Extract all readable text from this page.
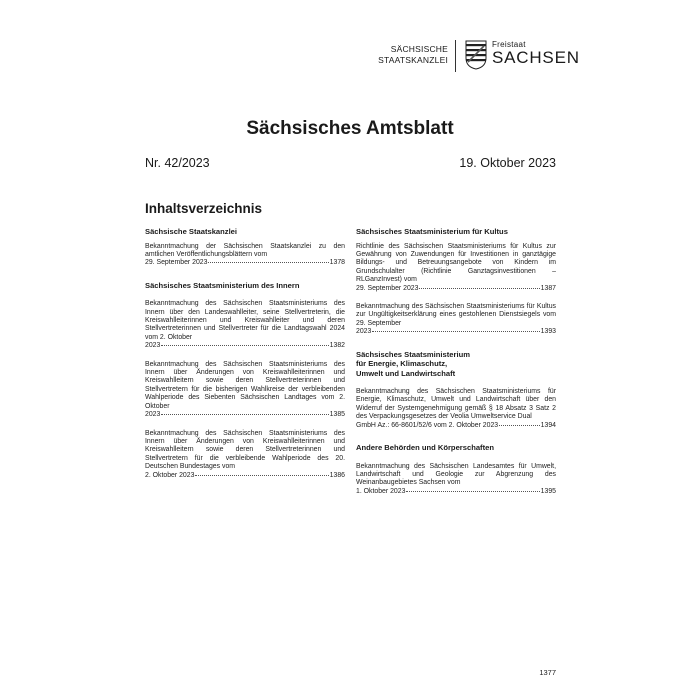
SÄCHSISCHE
STAATSKANZLEI
Freistaat
SACHSEN
Sächsisches Amtsblatt
Nr. 42/2023	19. Oktober 2023
Inhaltsverzeichnis
Sächsische Staatskanzlei
Bekanntmachung der Sächsischen Staatskanzlei zu den amtlichen Veröffentlichungsblättern vom
29. September 2023	1378
Sächsisches Staatsministerium des Innern
Bekanntmachung des Sächsischen Staatsministeriums des Innern über den Landeswahlleiter, seine Stellvertreterin, die Kreiswahlleiterinnen und Kreiswahlleiter und deren Stellvertreterinnen und Stellvertreter für die Landtagswahl 2024 vom 2. Oktober
2023	1382
Bekanntmachung des Sächsischen Staatsministeriums des Innern über Änderungen von Kreiswahlleiterinnen und Kreiswahlleitern sowie deren Stellvertreterinnen und Stellvertretern für die bisherigen Wahlkreise der verbleibenden Wahlperiode des Siebenten Sächsischen Landtages vom 2. Oktober
2023	1385
Bekanntmachung des Sächsischen Staatsministeriums des Innern über Änderungen von Kreiswahlleiterinnen und Kreiswahlleitern sowie deren Stellvertreterinnen und Stellvertretern für die verbleibende Wahlperiode des 20. Deutschen Bundestages vom
2. Oktober 2023	1386
Sächsisches Staatsministerium für Kultus
Richtlinie des Sächsischen Staatsministeriums für Kultus zur Gewährung von Zuwendungen für Investitionen in ganztägige Bildungs- und Betreuungsangebote von Kindern im Grundschulalter (Richtlinie Ganztagsinvestitionen – RLGanzInvest) vom
29. September 2023	1387
Bekanntmachung des Sächsischen Staatsministeriums für Kultus zur Ungültigkeitserklärung eines gestohlenen Dienstsiegels vom 29. September
2023	1393
Sächsisches Staatsministerium
für Energie, Klimaschutz,
Umwelt und Landwirtschaft
Bekanntmachung des Sächsischen Staatsministeriums für Energie, Klimaschutz, Umwelt und Landwirtschaft über den Widerruf der Systemgenehmigung gemäß § 18 Absatz 3 Satz 2 des Verpackungsgesetzes der Veolia Umweltservice Dual
GmbH Az.: 66-8601/52/6 vom 2. Oktober 2023	1394
Andere Behörden und Körperschaften
Bekanntmachung des Sächsischen Landesamtes für Umwelt, Landwirtschaft und Geologie zur Abgrenzung des Weinanbaugebietes Sachsen vom
1. Oktober 2023	1395
1377
